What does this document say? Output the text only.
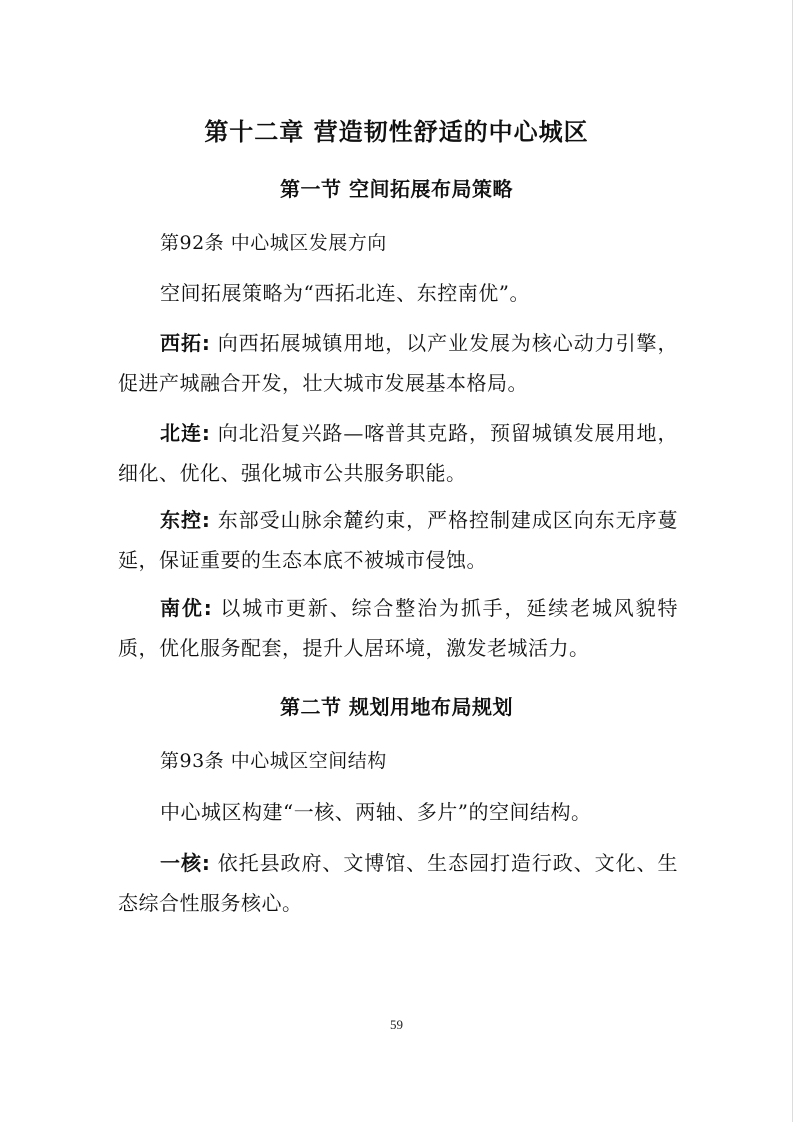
第十二章 营造韧性舒适的中心城区
第一节 空间拓展布局策略
第92条 中心城区发展方向
空间拓展策略为“西拓北连、东控南优”。
西拓: 向西拓展城镇用地，以产业发展为核心动力引擎，促进产城融合开发，壮大城市发展基本格局。
北连: 向北沿复兴路—喀普其克路，预留城镇发展用地，细化、优化、强化城市公共服务职能。
东控: 东部受山脉余麓约束，严格控制建成区向东无序蔓延，保证重要的生态本底不被城市侵蚀。
南优: 以城市更新、综合整治为抓手，延续老城风貌特质，优化服务配套，提升人居环境，激发老城活力。
第二节 规划用地布局规划
第93条 中心城区空间结构
中心城区构建“一核、两轴、多片”的空间结构。
一核: 依托县政府、文博馆、生态园打造行政、文化、生态综合性服务核心。
59
